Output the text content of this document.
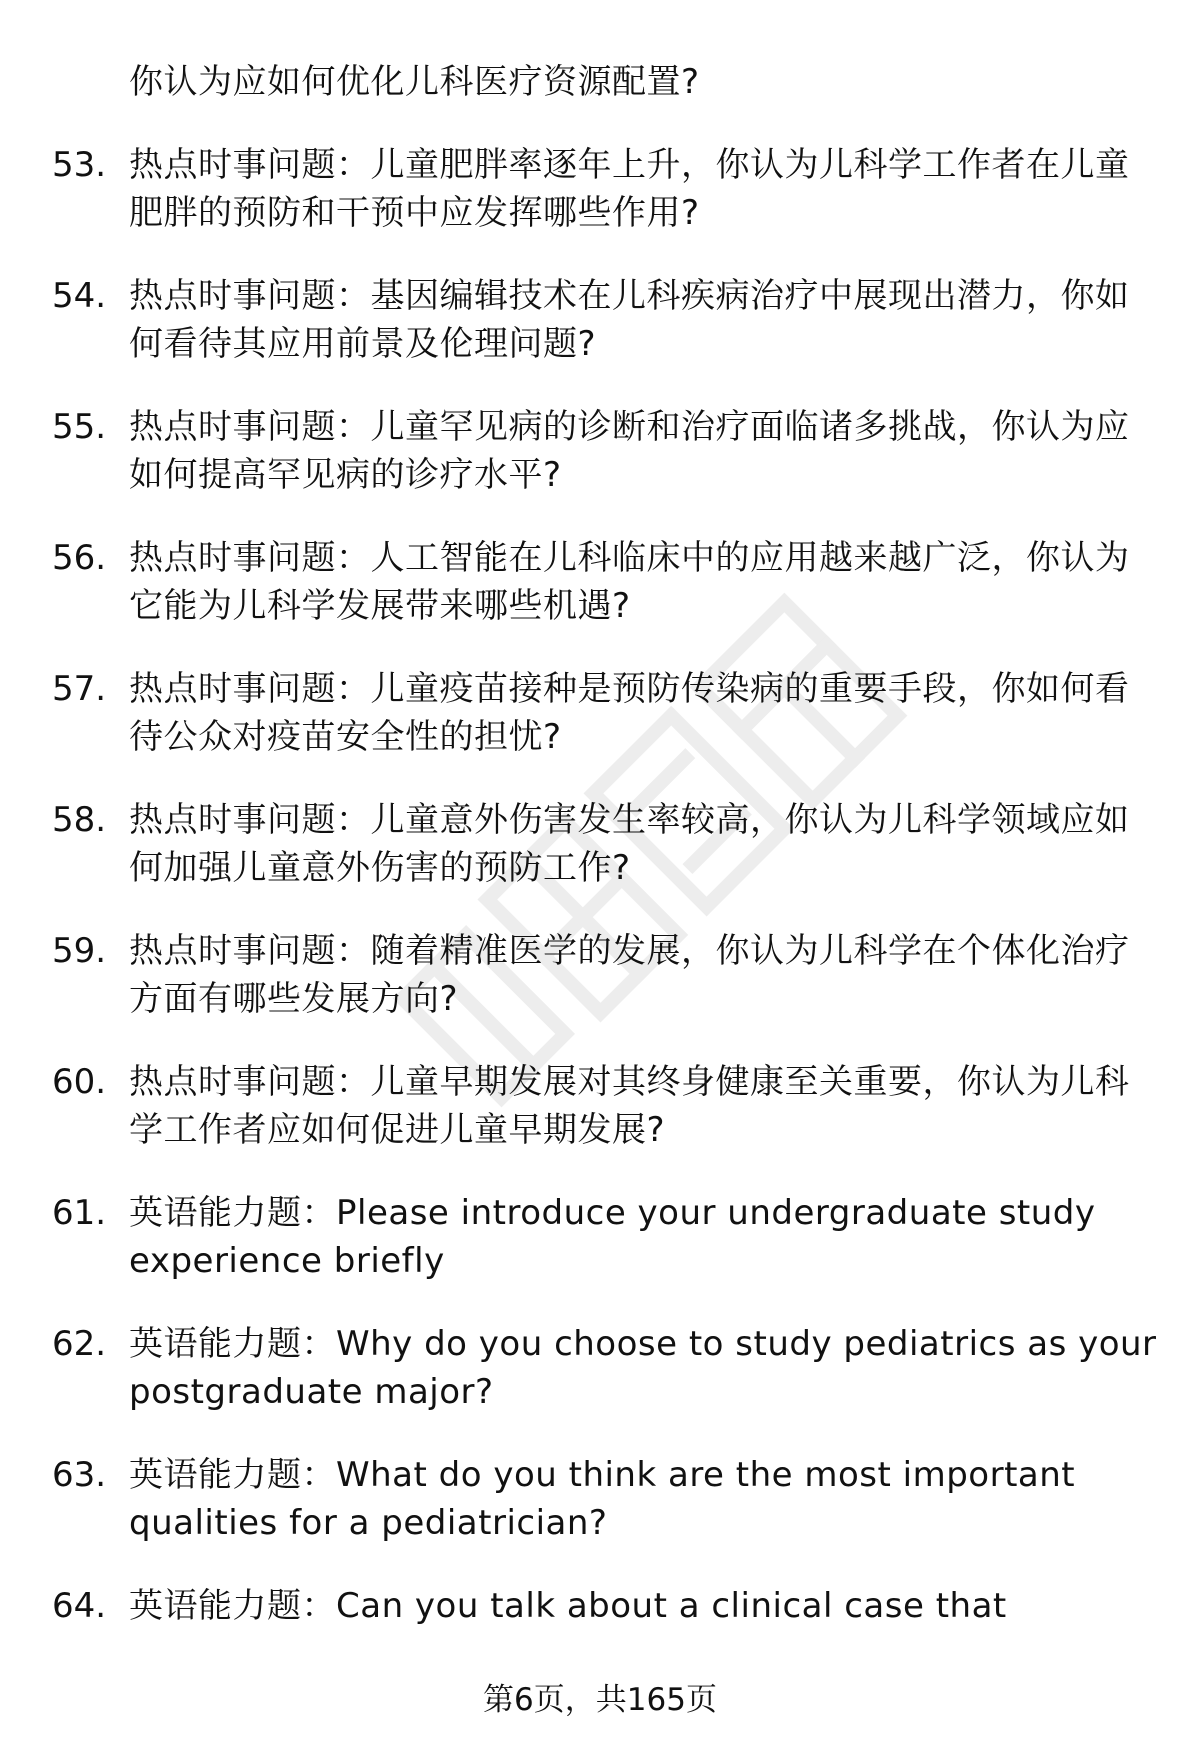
你认为应如何优化儿科医疗资源配置?
53. 热点时事问题：儿童肥胖率逐年上升，你认为儿科学工作者在儿童肥胖的预防和干预中应发挥哪些作用?
54. 热点时事问题：基因编辑技术在儿科疾病治疗中展现出潜力，你如何看待其应用前景及伦理问题?
55. 热点时事问题：儿童罕见病的诊断和治疗面临诸多挑战，你认为应如何提高罕见病的诊疗水平?
56. 热点时事问题：人工智能在儿科临床中的应用越来越广泛，你认为它能为儿科学发展带来哪些机遇?
57. 热点时事问题：儿童疫苗接种是预防传染病的重要手段，你如何看待公众对疫苗安全性的担忧?
58. 热点时事问题：儿童意外伤害发生率较高，你认为儿科学领域应如何加强儿童意外伤害的预防工作?
59. 热点时事问题：随着精准医学的发展，你认为儿科学在个体化治疗方面有哪些发展方向?
60. 热点时事问题：儿童早期发展对其终身健康至关重要，你认为儿科学工作者应如何促进儿童早期发展?
61. 英语能力题：Please introduce your undergraduate study experience briefly
62. 英语能力题：Why do you choose to study pediatrics as your postgraduate major?
63. 英语能力题：What do you think are the most important qualities for a pediatrician?
64. 英语能力题：Can you talk about a clinical case that
第6页，共165页
